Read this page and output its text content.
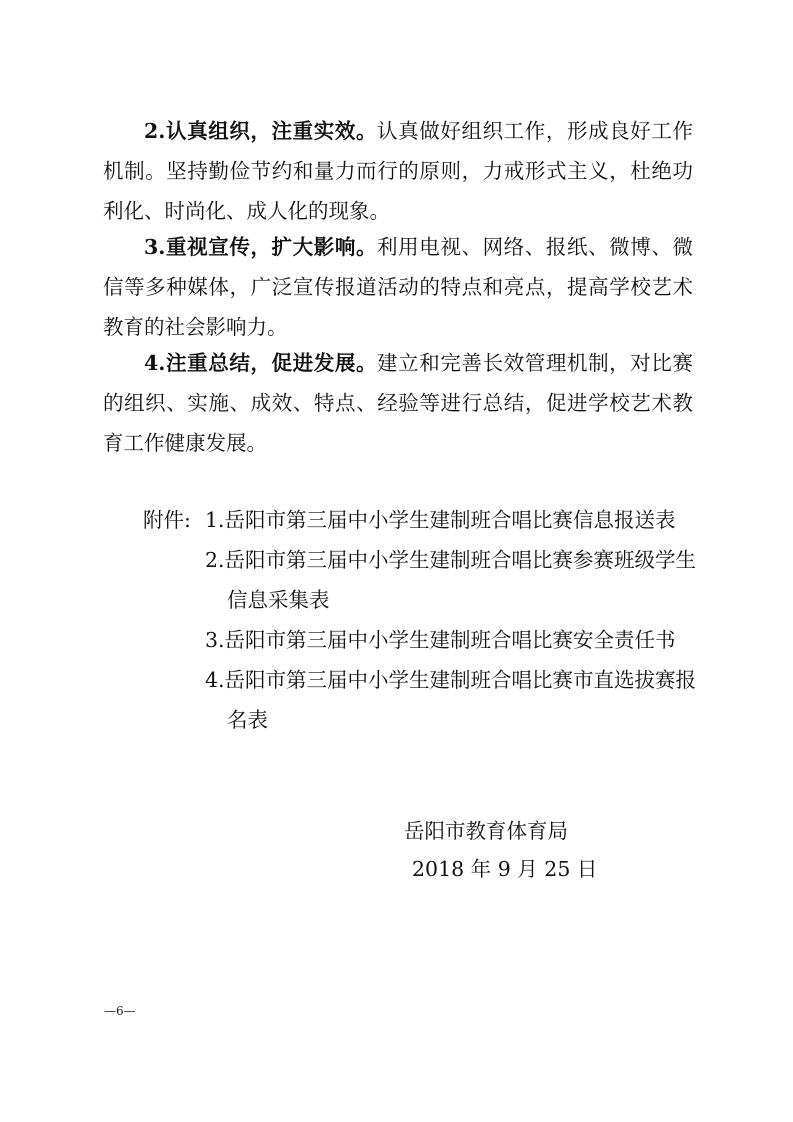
2.认真组织，注重实效。认真做好组织工作，形成良好工作机制。坚持勤俭节约和量力而行的原则，力戒形式主义，杜绝功利化、时尚化、成人化的现象。

3.重视宣传，扩大影响。利用电视、网络、报纸、微博、微信等多种媒体，广泛宣传报道活动的特点和亮点，提高学校艺术教育的社会影响力。

4.注重总结，促进发展。建立和完善长效管理机制，对比赛的组织、实施、成效、特点、经验等进行总结，促进学校艺术教育工作健康发展。

附件: 1.岳阳市第三届中小学生建制班合唱比赛信息报送表
2.岳阳市第三届中小学生建制班合唱比赛参赛班级学生信息采集表
3.岳阳市第三届中小学生建制班合唱比赛安全责任书
4.岳阳市第三届中小学生建制班合唱比赛市直选拔赛报名表
岳阳市教育体育局
2018 年 9 月 25 日
—6—
